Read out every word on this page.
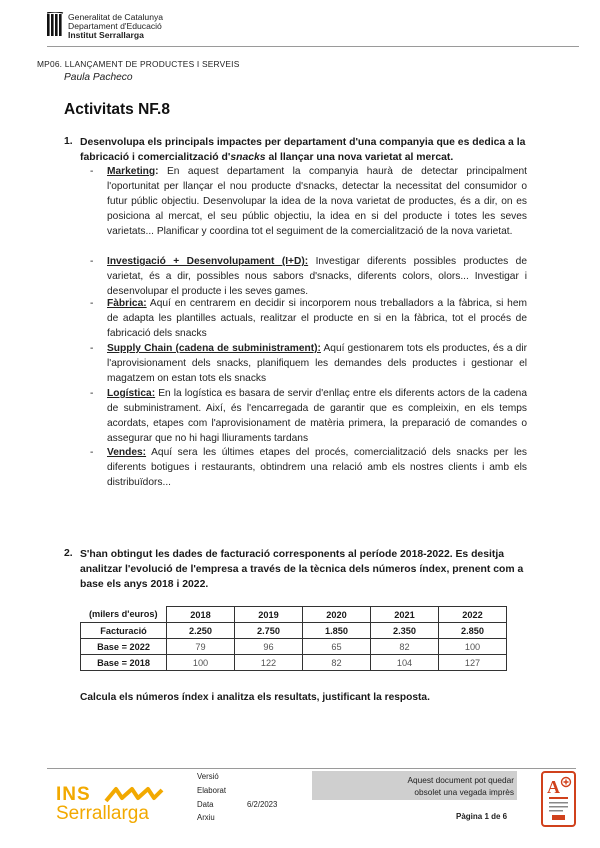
Generalitat de Catalunya
Departament d'Educació
Institut Serrallarga
MP06. LLANÇAMENT DE PRODUCTES I SERVEIS
Paula Pacheco
Activitats NF.8
1. Desenvolupa els principals impactes per departament d'una companyia que es dedica a la
fabricació i comercialització d'snacks al llançar una nova varietat al mercat.
- Marketing: En aquest departament la companyia haurà de detectar principalment l'oportunitat per llançar el nou producte d'snacks, detectar la necessitat del consumidor o futur públic objectiu. Desenvolupar la idea de la nova varietat de productes, és a dir, on es posiciona al mercat, el seu públic objectiu, la idea en si del producte i totes les seves varietats... Planificar y coordina tot el seguiment de la comercialització de la nova varietat.
- Investigació + Desenvolupament (I+D): Investigar diferents possibles productes de varietat, és a dir, possibles nous sabors d'snacks, diferents colors, olors... Investigar i desenvolupar el producte i les seves games.
- Fàbrica: Aquí en centrarem en decidir si incorporem nous treballadors a la fàbrica, si hem de adapta les plantilles actuals, realitzar el producte en si en la fàbrica, tot el procés de fabricació dels snacks
- Supply Chain (cadena de subministrament): Aquí gestionarem tots els productes, és a dir l'aprovisionament dels snacks, planifiquem les demandes dels productes i gestionar el magatzem on estan tots els snacks
- Logística: En la logística es basara de servir d'enllaç entre els diferents actors de la cadena de subministrament. Així, és l'encarregada de garantir que es compleixin, en els temps acordats, etapes com l'aprovisionament de matèria primera, la preparació de comandes o assegurar que no hi hagi lliuraments tardans
- Vendes: Aquí sera les últimes etapes del procés, comercialització dels snacks per les diferents botigues i restaurants, obtindrem una relació amb els nostres clients i amb els distribuïdors...
2. S'han obtingut les dades de facturació corresponents al període 2018-2022. Es desitja
analitzar l'evolució de l'empresa a través de la tècnica dels números índex, prenent com a
base els anys 2018 i 2022.
(milers d'euros)	2018	2019	2020	2021	2022
Facturació	2.250	2.750	1.850	2.350	2.850
Base = 2022	79	96	65	82	100
Base = 2018	100	122	82	104	127
Calcula els números índex i analitza els resultats, justificant la resposta.
INS
Serrallarga
Versió
Elaborat
Data	6/2/2023
Arxiu
Aquest document pot quedar
obsolet una vegada imprès
Pàgina 1 de 6
A
